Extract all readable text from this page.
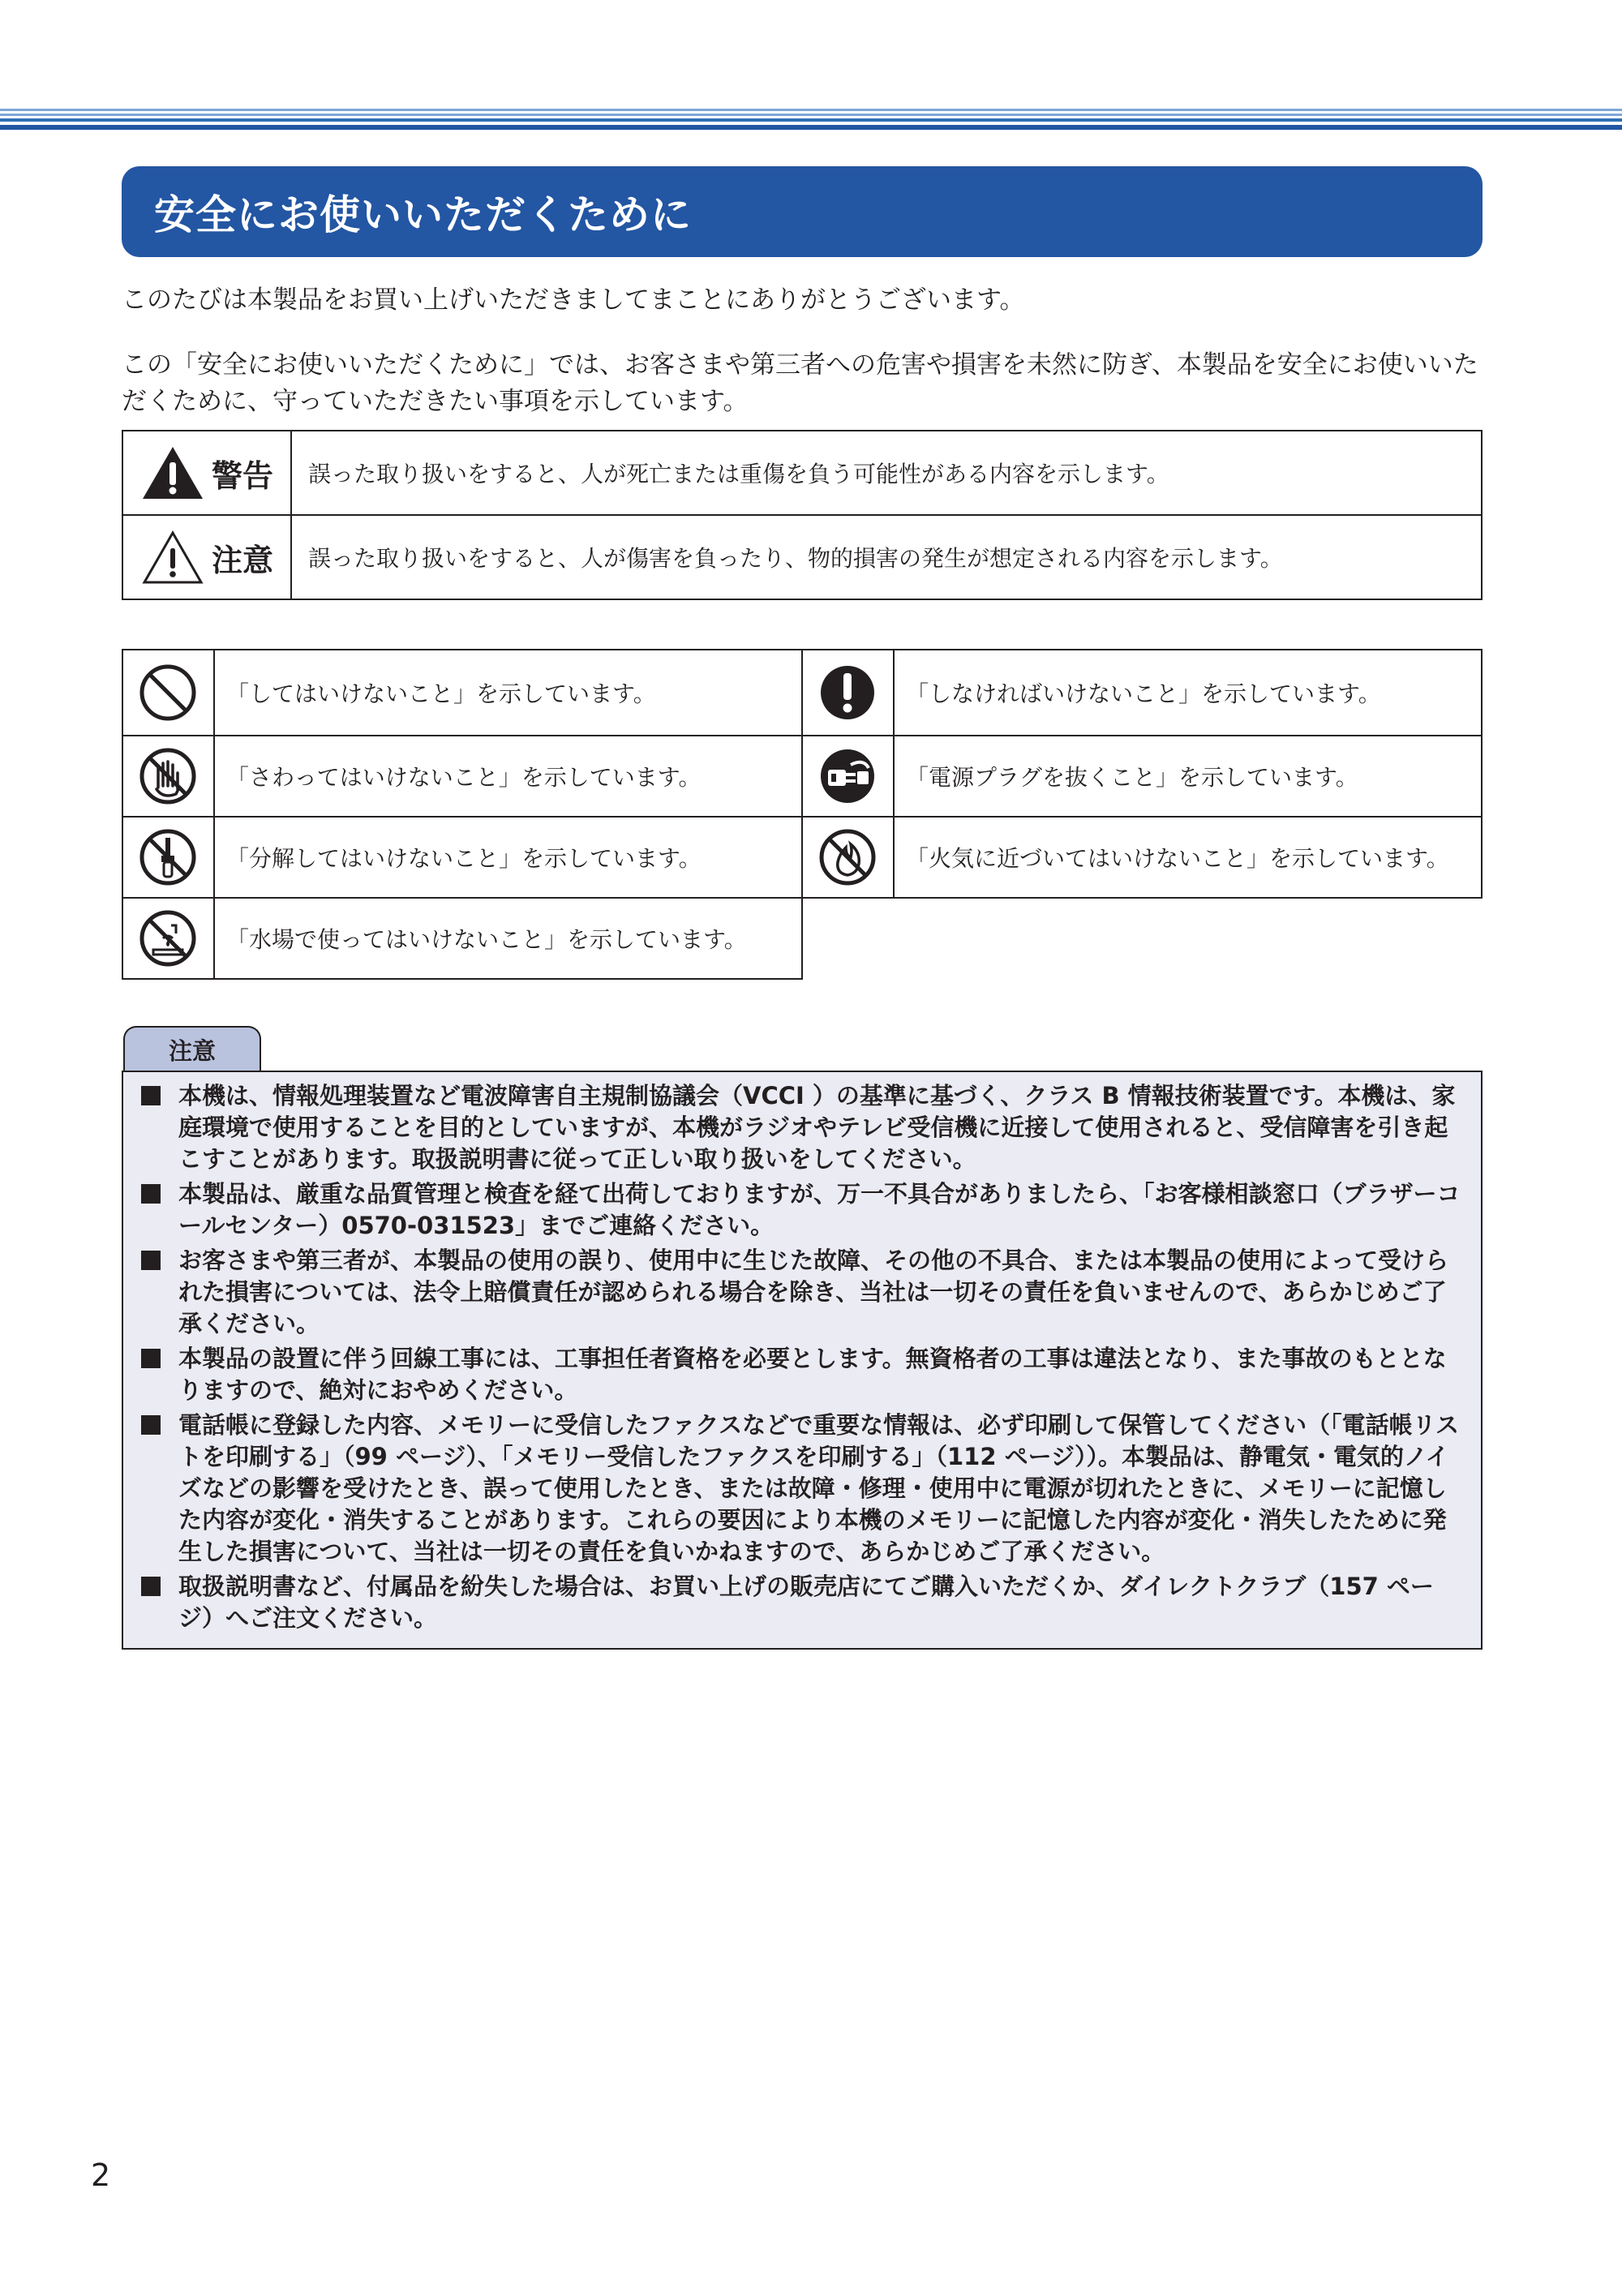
安全にお使いいただくために
このたびは本製品をお買い上げいただきましてまことにありがとうございます。
この「安全にお使いいただくために」では、お客さまや第三者への危害や損害を未然に防ぎ、本製品を安全にお使いいただくために、守っていただきたい事項を示しています。
警告	誤った取り扱いをすると、人が死亡または重傷を負う可能性がある内容を示します。

注意	誤った取り扱いをすると、人が傷害を負ったり、物的損害の発生が想定される内容を示します。
	「してはいけないこと」を示しています。		「しなければいけないこと」を示しています。

	「さわってはいけないこと」を示しています。		「電源プラグを抜くこと」を示しています。

	「分解してはいけないこと」を示しています。		「火気に近づいてはいけないこと」を示しています。

	「水場で使ってはいけないこと」を示しています。		
注意
本機は、情報処理装置など電波障害自主規制協議会（VCCI ）の基準に基づく、クラス B 情報技術装置です。本機は、家庭環境で使用することを目的としていますが、本機がラジオやテレビ受信機に近接して使用されると、受信障害を引き起こすことがあります。取扱説明書に従って正しい取り扱いをしてください。
本製品は、厳重な品質管理と検査を経て出荷しておりますが、万一不具合がありましたら、「お客様相談窓口（ブラザーコールセンター）0570-031523」までご連絡ください。
お客さまや第三者が、本製品の使用の誤り、使用中に生じた故障、その他の不具合、または本製品の使用によって受けられた損害については、法令上賠償責任が認められる場合を除き、当社は一切その責任を負いませんので、あらかじめご了承ください。
本製品の設置に伴う回線工事には、工事担任者資格を必要とします。無資格者の工事は違法となり、また事故のもととなりますので、絶対におやめください。
電話帳に登録した内容、メモリーに受信したファクスなどで重要な情報は、必ず印刷して保管してください（「電話帳リストを印刷する」（99 ページ）、「メモリー受信したファクスを印刷する」（112 ページ））。本製品は、静電気・電気的ノイズなどの影響を受けたとき、誤って使用したとき、または故障・修理・使用中に電源が切れたときに、メモリーに記憶した内容が変化・消失することがあります。これらの要因により本機のメモリーに記憶した内容が変化・消失したために発生した損害について、当社は一切その責任を負いかねますので、あらかじめご了承ください。
取扱説明書など、付属品を紛失した場合は、お買い上げの販売店にてご購入いただくか、ダイレクトクラブ（157 ページ）へご注文ください。
2
